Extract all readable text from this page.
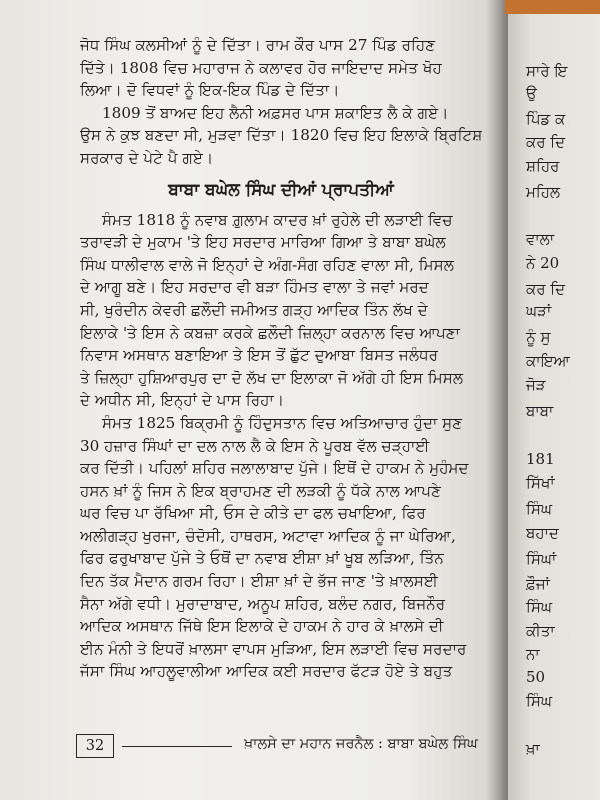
ਸਾਰੇ ਇ
ਉ
ਪਿੰਡ ਕ
ਕਰ ਦਿ
ਸ਼ਹਿਰ
ਮਹਿਲ
ਵਾਲਾ
ਨੇ 20
ਕਰ ਦਿ
ਘੜਾਂ
ਨੂੰ ਸੁ
ਕਾਇਆ
ਜੋੜ
ਬਾਬਾ
181
ਸਿੱਖਾਂ
ਸਿੰਘ
ਬਹਾਦ
ਸਿੰਘਾਂ
ਫ਼ੌਜਾਂ
ਸਿੰਘ
ਕੀਤਾ
ਨਾ
50
ਸਿੰਘ
ਖ਼ਾ
ਜੋਧ ਸਿੰਘ ਕਲਸੀਆਂ ਨੂੰ ਦੇ ਦਿੱਤਾ। ਰਾਮ ਕੌਰ ਪਾਸ 27 ਪਿੰਡ ਰਹਿਣ
ਦਿੱਤੇ। 1808 ਵਿਚ ਮਹਾਰਾਜ ਨੇ ਕਲਾਵਰ ਹੋਰ ਜਾਇਦਾਦ ਸਮੇਤ ਖੋਹ
ਲਿਆ। ਦੋ ਵਿਧਵਾਂ ਨੂੰ ਇਕ-ਇਕ ਪਿੰਡ ਦੇ ਦਿੱਤਾ।
1809 ਤੋਂ ਬਾਅਦ ਇਹ ਲੈਨੀ ਅਫ਼ਸਰ ਪਾਸ ਸ਼ਕਾਇਤ ਲੈ ਕੇ ਗਏ।
ਉਸ ਨੇ ਕੁਝ ਬਣਦਾ ਸੀ, ਮੁੜਵਾ ਦਿੱਤਾ। 1820 ਵਿਚ ਇਹ ਇਲਾਕੇ ਬ੍ਰਿਟਿਸ਼
ਸਰਕਾਰ ਦੇ ਪੇਟੇ ਪੈ ਗਏ।
ਬਾਬਾ ਬਘੇਲ ਸਿੰਘ ਦੀਆਂ ਪ੍ਰਾਪਤੀਆਂ
ਸੰਮਤ 1818 ਨੂੰ ਨਵਾਬ ਗ਼ੁਲਾਮ ਕਾਦਰ ਖ਼ਾਂ ਰੁਹੇਲੇ ਦੀ ਲੜਾਈ ਵਿਚ
ਤਰਾਵੜੀ ਦੇ ਮੁਕਾਮ 'ਤੇ ਇਹ ਸਰਦਾਰ ਮਾਰਿਆ ਗਿਆ ਤੇ ਬਾਬਾ ਬਘੇਲ
ਸਿੰਘ ਧਾਲੀਵਾਲ ਵਾਲੇ ਜੋ ਇਨ੍ਹਾਂ ਦੇ ਅੰਗ-ਸੰਗ ਰਹਿਣ ਵਾਲਾ ਸੀ, ਮਿਸਲ
ਦੇ ਆਗੂ ਬਣੇ। ਇਹ ਸਰਦਾਰ ਵੀ ਬੜਾ ਹਿੰਮਤ ਵਾਲਾ ਤੇ ਜਵਾਂ ਮਰਦ
ਸੀ, ਖੁਰੰਦੀਨ ਕੇਵਰੀ ਛਲੌਦੀ ਜਮੀਅਤ ਗੜ੍ਹ ਆਦਿਕ ਤਿੰਨ ਲੱਖ ਦੇ
ਇਲਾਕੇ 'ਤੇ ਇਸ ਨੇ ਕਬਜ਼ਾ ਕਰਕੇ ਛਲੌਦੀ ਜ਼ਿਲ੍ਹਾ ਕਰਨਾਲ ਵਿਚ ਆਪਣਾ
ਨਿਵਾਸ ਅਸਥਾਨ ਬਣਾਇਆ ਤੇ ਇਸ ਤੋਂ ਛੁੱਟ ਦੁਆਬਾ ਬਿਸਤ ਜਲੰਧਰ
ਤੇ ਜ਼ਿਲ੍ਹਾ ਹੁਸ਼ਿਆਰਪੁਰ ਦਾ ਦੋ ਲੱਖ ਦਾ ਇਲਾਕਾ ਜੋ ਅੱਗੇ ਹੀ ਇਸ ਮਿਸਲ
ਦੇ ਅਧੀਨ ਸੀ, ਇਨ੍ਹਾਂ ਦੇ ਪਾਸ ਰਿਹਾ।
ਸੰਮਤ 1825 ਬਿਕ੍ਰਮੀ ਨੂੰ ਹਿੰਦੁਸਤਾਨ ਵਿਚ ਅਤਿਆਚਾਰ ਹੁੰਦਾ ਸੁਣ
30 ਹਜ਼ਾਰ ਸਿੰਘਾਂ ਦਾ ਦਲ ਨਾਲ ਲੈ ਕੇ ਇਸ ਨੇ ਪੂਰਬ ਵੱਲ ਚੜ੍ਹਾਈ
ਕਰ ਦਿੱਤੀ। ਪਹਿਲਾਂ ਸ਼ਹਿਰ ਜਲਾਲਾਬਾਦ ਪੁੱਜੇ। ਇਥੋਂ ਦੇ ਹਾਕਮ ਨੇ ਮੁਹੰਮਦ
ਹਸਨ ਖ਼ਾਂ ਨੂੰ ਜਿਸ ਨੇ ਇਕ ਬ੍ਰਾਹਮਣ ਦੀ ਲੜਕੀ ਨੂੰ ਧੱਕੇ ਨਾਲ ਆਪਣੇ
ਘਰ ਵਿਚ ਪਾ ਰੱਖਿਆ ਸੀ, ਓਸ ਦੇ ਕੀਤੇ ਦਾ ਫਲ ਚਖਾਇਆ, ਫਿਰ
ਅਲੀਗੜ੍ਹ ਖੁਰਜਾ, ਚੰਦੋਸੀ, ਹਾਥਰਸ, ਅਟਾਵਾ ਆਦਿਕ ਨੂੰ ਜਾ ਘੇਰਿਆ,
ਫਿਰ ਫਰੁਖਾਬਾਦ ਪੁੱਜੇ ਤੇ ਓਥੋਂ ਦਾ ਨਵਾਬ ਈਸ਼ਾ ਖ਼ਾਂ ਖੂਬ ਲੜਿਆ, ਤਿੰਨ
ਦਿਨ ਤੱਕ ਮੈਦਾਨ ਗਰਮ ਰਿਹਾ। ਈਸ਼ਾ ਖ਼ਾਂ ਦੇ ਭੱਜ ਜਾਣ 'ਤੇ ਖ਼ਾਲਸਈ
ਸੈਨਾ ਅੱਗੇ ਵਧੀ। ਮੁਰਾਦਾਬਾਦ, ਅਨੂਪ ਸ਼ਹਿਰ, ਬਲੰਦ ਨਗਰ, ਬਿਜਨੌਰ
ਆਦਿਕ ਅਸਥਾਨ ਜਿੱਥੇ ਇਸ ਇਲਾਕੇ ਦੇ ਹਾਕਮ ਨੇ ਹਾਰ ਕੇ ਖ਼ਾਲਸੇ ਦੀ
ਈਨ ਮੰਨੀ ਤੇ ਇਧਰੋਂ ਖ਼ਾਲਸਾ ਵਾਪਸ ਮੁੜਿਆ, ਇਸ ਲੜਾਈ ਵਿਚ ਸਰਦਾਰ
ਜੱਸਾ ਸਿੰਘ ਆਹਲੂਵਾਲੀਆ ਆਦਿਕ ਕਈ ਸਰਦਾਰ ਫੱਟੜ ਹੋਏ ਤੇ ਬਹੁਤ
32	ਖ਼ਾਲਸੇ ਦਾ ਮਹਾਨ ਜਰਨੈਲ : ਬਾਬਾ ਬਘੇਲ ਸਿੰਘ
